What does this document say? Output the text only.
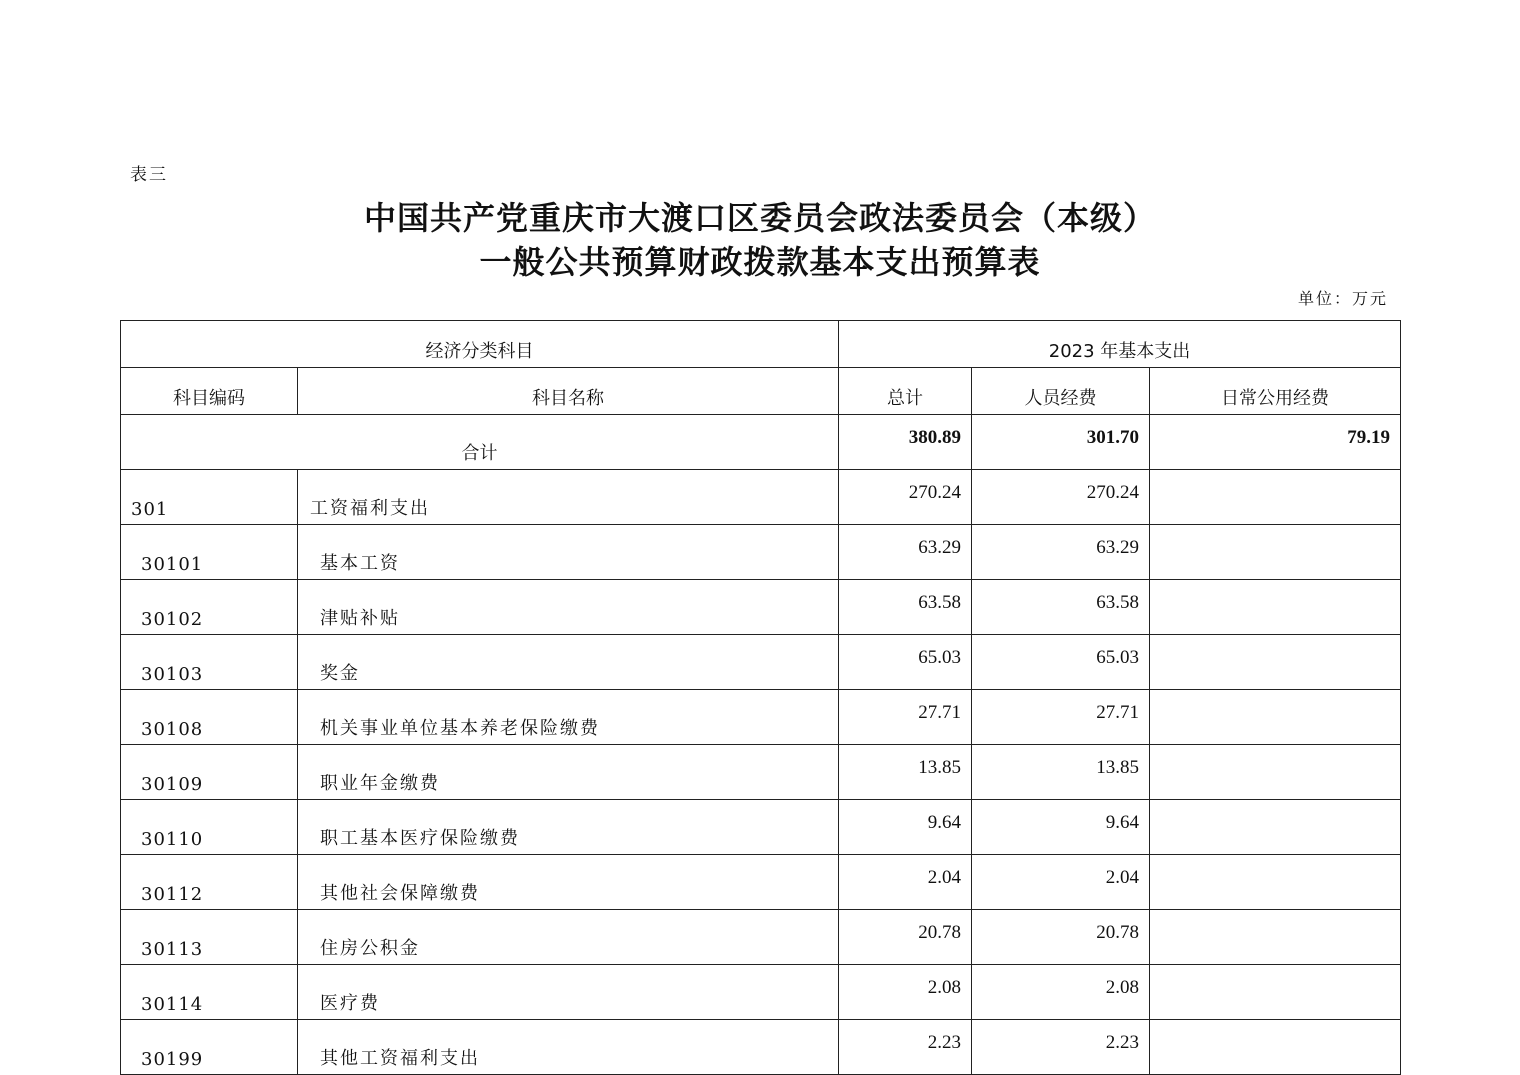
表三
中国共产党重庆市大渡口区委员会政法委员会（本级）
一般公共预算财政拨款基本支出预算表
单位：万元
经济分类科目		2023 年基本支出		
科目编码	科目名称	总计	人员经费	日常公用经费
合计		380.89	301.70	79.19
301	工资福利支出	270.24	270.24	
30101	基本工资	63.29	63.29	
30102	津贴补贴	63.58	63.58	
30103	奖金	65.03	65.03	
30108	机关事业单位基本养老保险缴费	27.71	27.71	
30109	职业年金缴费	13.85	13.85	
30110	职工基本医疗保险缴费	9.64	9.64	
30112	其他社会保障缴费	2.04	2.04	
30113	住房公积金	20.78	20.78	
30114	医疗费	2.08	2.08	
30199	其他工资福利支出	2.23	2.23	
